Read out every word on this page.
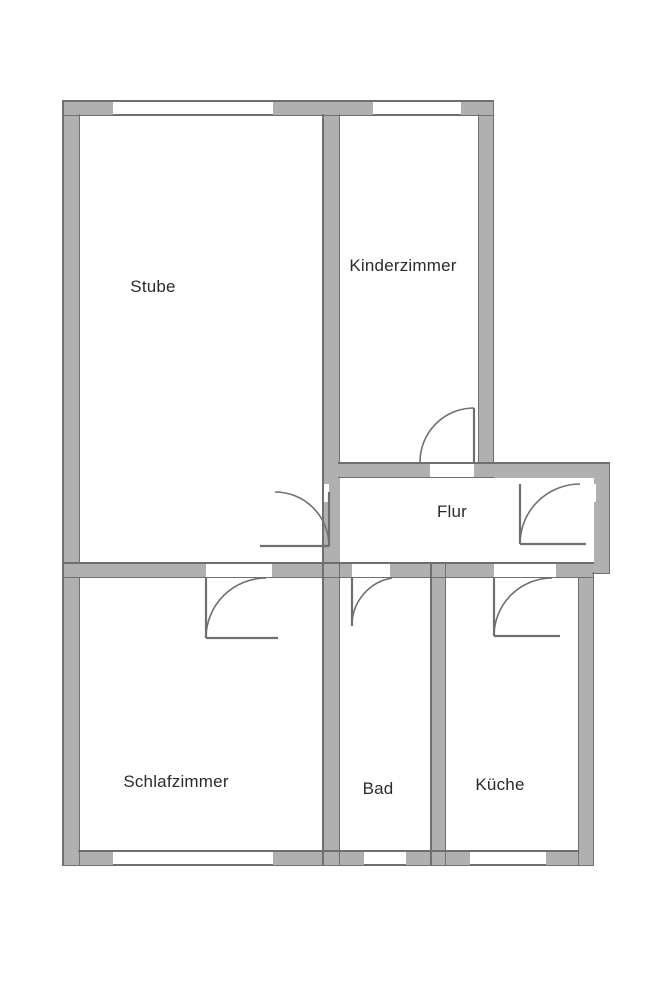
Stube
Kinderzimmer
Flur
Schlafzimmer	Bad	Küche
